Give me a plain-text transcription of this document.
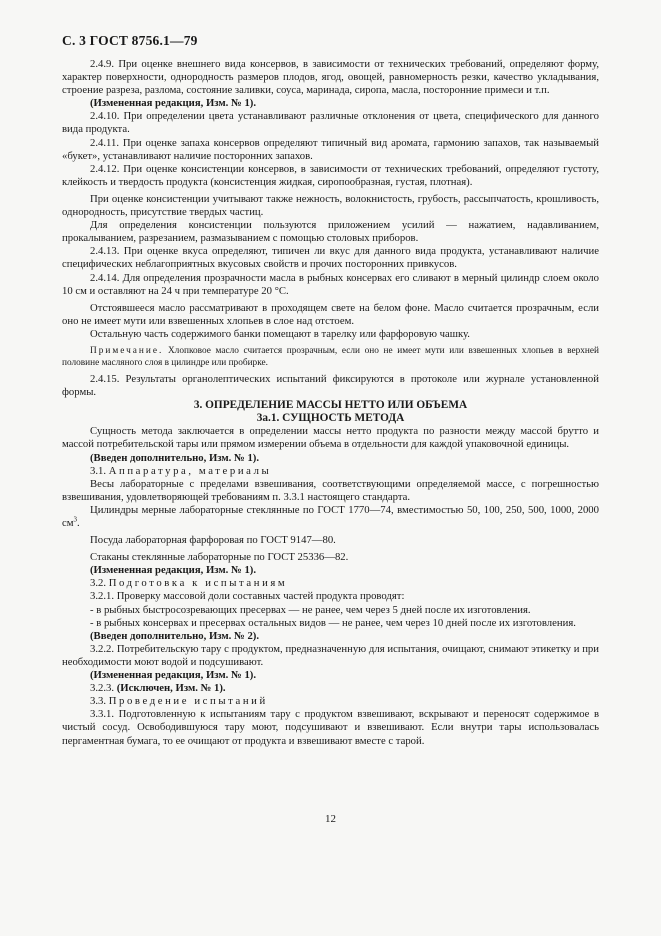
С. 3 ГОСТ 8756.1—79

2.4.9. При оценке внешнего вида консервов, в зависимости от технических требований, определяют форму, характер поверхности, однородность размеров плодов, ягод, овощей, равномерность резки, качество укладывания, строение разреза, разлома, состояние заливки, соуса, маринада, сиропа, масла, посторонние примеси и т.п.

(Измененная редакция, Изм. № 1).

2.4.10. При определении цвета устанавливают различные отклонения от цвета, специфического для данного вида продукта.

2.4.11. При оценке запаха консервов определяют типичный вид аромата, гармонию запахов, так называемый «букет», устанавливают наличие посторонних запахов.

2.4.12. При оценке консистенции консервов, в зависимости от технических требований, определяют густоту, клейкость и твердость продукта (консистенция жидкая, сиропообразная, густая, плотная).

При оценке консистенции учитывают также нежность, волокнистость, грубость, рассыпчатость, крошливость, однородность, присутствие твердых частиц.

Для определения консистенции пользуются приложением усилий — нажатием, надавливанием, прокалыванием, разрезанием, размазыванием с помощью столовых приборов.

2.4.13. При оценке вкуса определяют, типичен ли вкус для данного вида продукта, устанавливают наличие специфических неблагоприятных вкусовых свойств и прочих посторонних привкусов.

2.4.14. Для определения прозрачности масла в рыбных консервах его сливают в мерный цилиндр слоем около 10 см и оставляют на 24 ч при температуре 20 °С.

Отстоявшееся масло рассматривают в проходящем свете на белом фоне. Масло считается прозрачным, если оно не имеет мути или взвешенных хлопьев в слое над отстоем.

Остальную часть содержимого банки помещают в тарелку или фарфоровую чашку.

Примечание. Хлопковое масло считается прозрачным, если оно не имеет мути или взвешенных хлопьев в верхней половине масляного слоя в цилиндре или пробирке.

2.4.15. Результаты органолептических испытаний фиксируются в протоколе или журнале установленной формы.

3. ОПРЕДЕЛЕНИЕ МАССЫ НЕТТО ИЛИ ОБЪЕМА

3а.1. СУЩНОСТЬ МЕТОДА

Сущность метода заключается в определении массы нетто продукта по разности между массой брутто и массой потребительской тары или прямом измерении объема в отдельности для каждой упаковочной единицы.

(Введен дополнительно, Изм. № 1).

3.1. Аппаратура, материалы

Весы лабораторные с пределами взвешивания, соответствующими определяемой массе, с погрешностью взвешивания, удовлетворяющей требованиям п. 3.3.1 настоящего стандарта.

Цилиндры мерные лабораторные стеклянные по ГОСТ 1770—74, вместимостью 50, 100, 250, 500, 1000, 2000 $см^3$.

Посуда лабораторная фарфоровая по ГОСТ 9147—80.

Стаканы стеклянные лабораторные по ГОСТ 25336—82.

(Измененная редакция, Изм. № 1).

3.2. Подготовка к испытаниям

3.2.1. Проверку массовой доли составных частей продукта проводят:

- в рыбных быстросозревающих пресервах — не ранее, чем через 5 дней после их изготовления.

- в рыбных консервах и пресервах остальных видов — не ранее, чем через 10 дней после их изготовления.

(Введен дополнительно, Изм. № 2).

3.2.2. Потребительскую тару с продуктом, предназначенную для испытания, очищают, снимают этикетку и при необходимости моют водой и подсушивают.

(Измененная редакция, Изм. № 1).

3.2.3. (Исключен, Изм. № 1).

3.3. Проведение испытаний

3.3.1. Подготовленную к испытаниям тару с продуктом взвешивают, вскрывают и переносят содержимое в чистый сосуд. Освободившуюся тару моют, подсушивают и взвешивают. Если внутри тары использовалась пергаментная бумага, то ее очищают от продукта и взвешивают вместе с тарой.

12
